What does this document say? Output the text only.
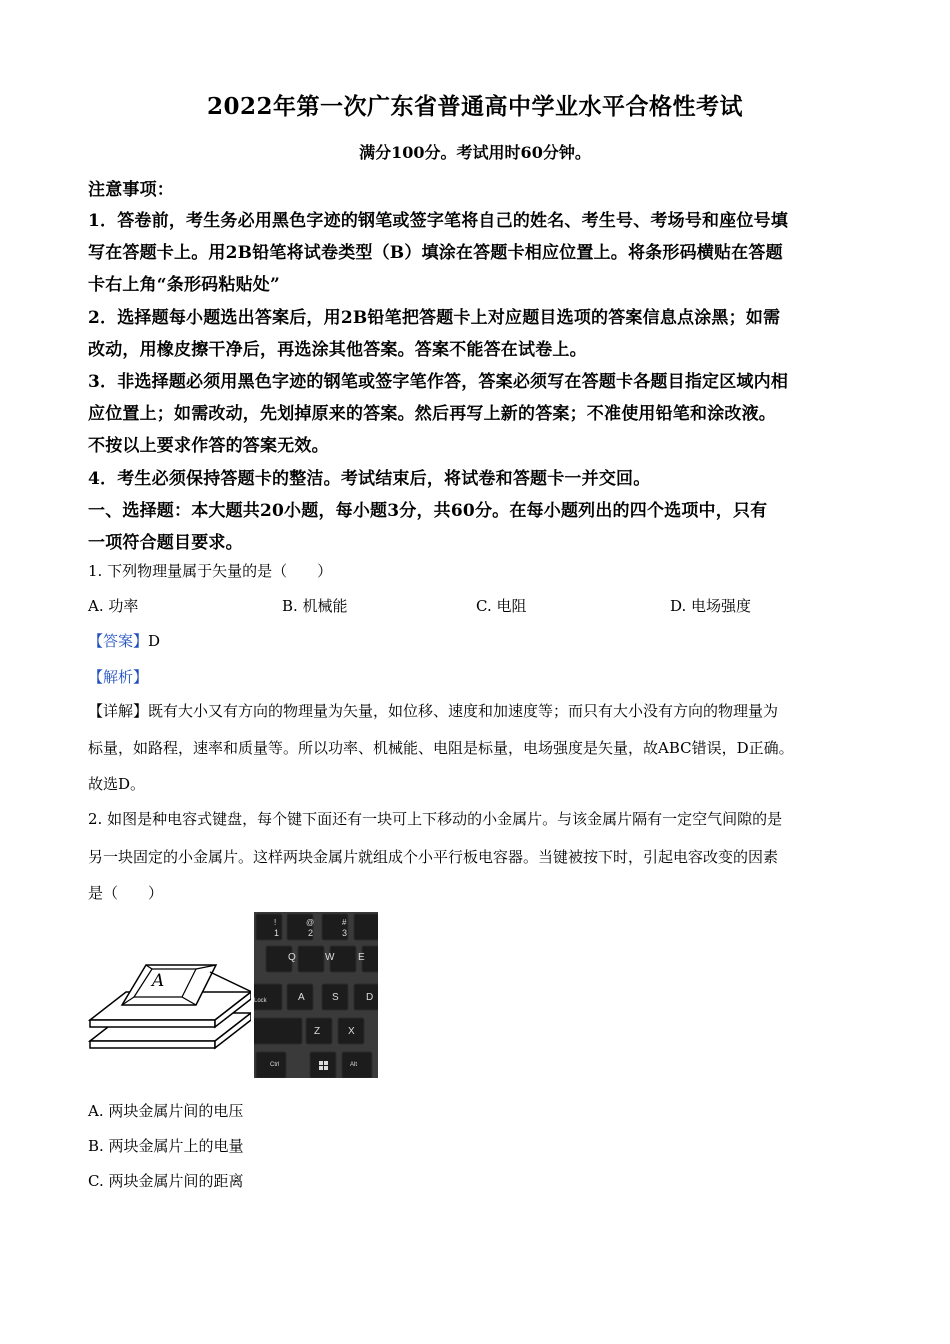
2022年第一次广东省普通高中学业水平合格性考试
满分100分。考试用时60分钟。
注意事项：
1．答卷前，考生务必用黑色字迹的钢笔或签字笔将自己的姓名、考生号、考场号和座位号填
写在答题卡上。用2B铅笔将试卷类型（B）填涂在答题卡相应位置上。将条形码横贴在答题
卡右上角“条形码粘贴处”
2．选择题每小题选出答案后，用2B铅笔把答题卡上对应题目选项的答案信息点涂黑；如需
改动，用橡皮擦干净后，再选涂其他答案。答案不能答在试卷上。
3．非选择题必须用黑色字迹的钢笔或签字笔作答，答案必须写在答题卡各题目指定区域内相
应位置上；如需改动，先划掉原来的答案。然后再写上新的答案；不准使用铅笔和涂改液。
不按以上要求作答的答案无效。
4．考生必须保持答题卡的整洁。考试结束后，将试卷和答题卡一并交回。
一、选择题：本大题共20小题，每小题3分，共60分。在每小题列出的四个选项中，只有
一项符合题目要求。
1. 下列物理量属于矢量的是（　　）
A. 功率	B. 机械能	C. 电阻	D. 电场强度
【答案】D
【解析】
【详解】既有大小又有方向的物理量为矢量，如位移、速度和加速度等；而只有大小没有方向的物理量为
标量，如路程，速率和质量等。所以功率、机械能、电阻是标量，电场强度是矢量，故ABC错误，D正确。
故选D。
2. 如图是种电容式键盘，每个键下面还有一块可上下移动的小金属片。与该金属片隔有一定空气间隙的是
另一块固定的小金属片。这样两块金属片就组成个小平行板电容器。当键被按下时，引起电容改变的因素
是（　　）
A
!
1
@
2
#
3
Q	W E
Lock	A	S	D
Z	X
Ctrl	Alt
A. 两块金属片间的电压
B. 两块金属片上的电量
C. 两块金属片间的距离
